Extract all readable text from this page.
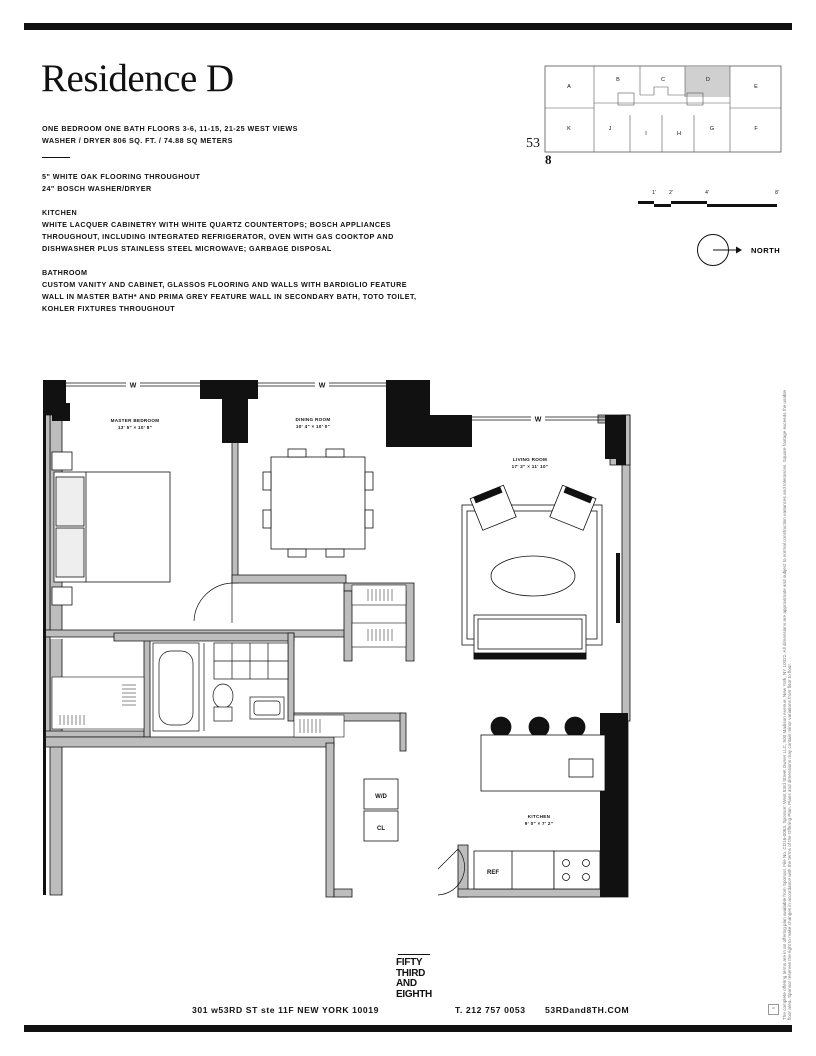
Residence D
ONE BEDROOM ONE BATH FLOORS 3-6, 11-15, 21-25 WEST VIEWS
WASHER / DRYER 806 SQ. FT. / 74.88 SQ METERS
5" WHITE OAK FLOORING THROUGHOUT
24" BOSCH WASHER/DRYER
KITCHEN
WHITE LACQUER CABINETRY WITH WHITE QUARTZ COUNTERTOPS; BOSCH APPLIANCES
THROUGHOUT, INCLUDING INTEGRATED REFRIGERATOR, OVEN WITH GAS COOKTOP AND
DISHWASHER PLUS STAINLESS STEEL MICROWAVE; GARBAGE DISPOSAL
BATHROOM
CUSTOM VANITY AND CABINET, GLASSOS FLOORING AND WALLS WITH BARDIGLIO FEATURE
WALL IN MASTER BATH* AND PRIMA GREY FEATURE WALL IN SECONDARY BATH, TOTO TOILET,
KOHLER FIXTURES THROUGHOUT
A
B	C	D
E
K	J
I	H
G	F
53
8
1'	2'	4'	8'
NORTH
W	W
W
MASTER BEDROOM
13' 5" × 10' 8"
DINING ROOM
10' 4" × 10' 0"
LIVING ROOM
17' 2" × 11' 10"
KITCHEN
9' 0" × 7' 2"
W/D
CL
REF	The complete offering terms are in an offering plan available from Sponsor. File No. CD16-0063. Sponsor: West 53rd Street Owner LLC, 500 Madison Avenue, New York, NY 10022. All dimensions are approximate and subject to normal construction variances and tolerances. Square footage exceeds the usable floor area. Sponsor reserves the right to make changes in accordance with the terms of the Offering Plan. Plans and dimensions may contain minor variations from floor to floor.
FIFTY
THIRD
AND
EIGHTH
301 w53RD ST ste 11F NEW YORK 10019	T. 212 757 0053 53RDand8TH.COM	=
